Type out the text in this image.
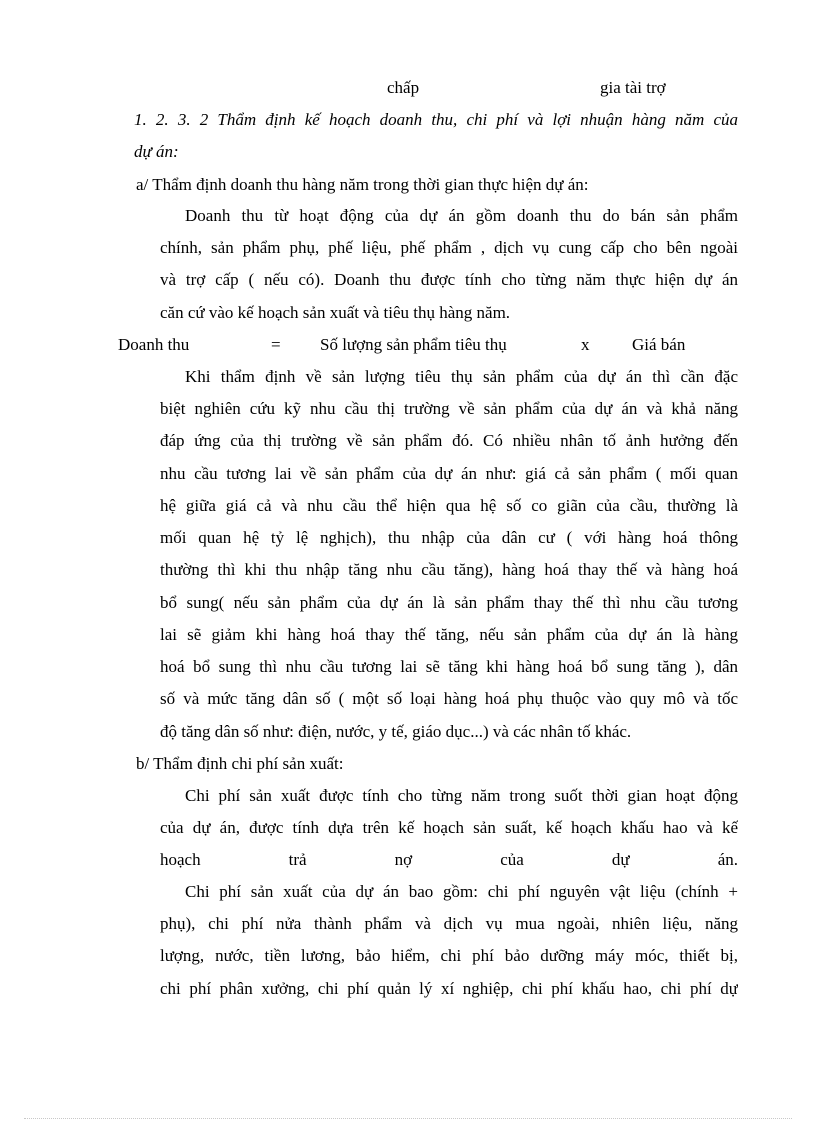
chấp	gia tài trợ
1. 2. 3. 2 Thẩm định kế hoạch doanh thu, chi phí và lợi nhuận hàng năm của
dự án:
a/ Thẩm định doanh thu hàng năm trong thời gian thực hiện dự án:
Doanh thu từ hoạt động của dự án gồm doanh thu do bán sản phẩm
chính, sản phẩm phụ, phế liệu, phế phẩm , dịch vụ cung cấp cho bên ngoài
và trợ cấp ( nếu có). Doanh thu được tính cho từng năm thực hiện dự án
căn cứ vào kế hoạch sản xuất và tiêu thụ hàng năm.
Doanh thu	= Số lượng sản phẩm tiêu thụ	x	Giá bán
Khi thẩm định về sản lượng tiêu thụ sản phẩm của dự án thì cần đặc
biệt nghiên cứu kỹ nhu cầu thị trường về sản phẩm của dự án và khả năng
đáp ứng của thị trường về sản phẩm đó. Có nhiều nhân tố ảnh hưởng đến
nhu cầu tương lai về sản phẩm của dự án như: giá cả sản phẩm ( mối quan
hệ giữa giá cả và nhu cầu thể hiện qua hệ số co giãn của cầu, thường là
mối quan hệ tỷ lệ nghịch), thu nhập của dân cư ( với hàng hoá thông
thường thì khi thu nhập tăng nhu cầu tăng), hàng hoá thay thế và hàng hoá
bổ sung( nếu sản phẩm của dự án là sản phẩm thay thế thì nhu cầu tương
lai sẽ giảm khi hàng hoá thay thế tăng, nếu sản phẩm của dự án là hàng
hoá bổ sung thì nhu cầu tương lai sẽ tăng khi hàng hoá bổ sung tăng ), dân
số và mức tăng dân số ( một số loại hàng hoá phụ thuộc vào quy mô và tốc
độ tăng dân số như: điện, nước, y tế, giáo dục...) và các nhân tố khác.
b/ Thẩm định chi phí sản xuất:
Chi phí sản xuất được tính cho từng năm trong suốt thời gian hoạt động
của dự án, được tính dựa trên kế hoạch sản suất, kế hoạch khấu hao và kế
hoạch trả nợ của dự án.
Chi phí sản xuất của dự án bao gồm: chi phí nguyên vật liệu (chính +
phụ), chi phí nửa thành phẩm và dịch vụ mua ngoài, nhiên liệu, năng
lượng, nước, tiền lương, bảo hiểm, chi phí bảo dưỡng máy móc, thiết bị,
chi phí phân xưởng, chi phí quản lý xí nghiệp, chi phí khấu hao, chi phí dự
